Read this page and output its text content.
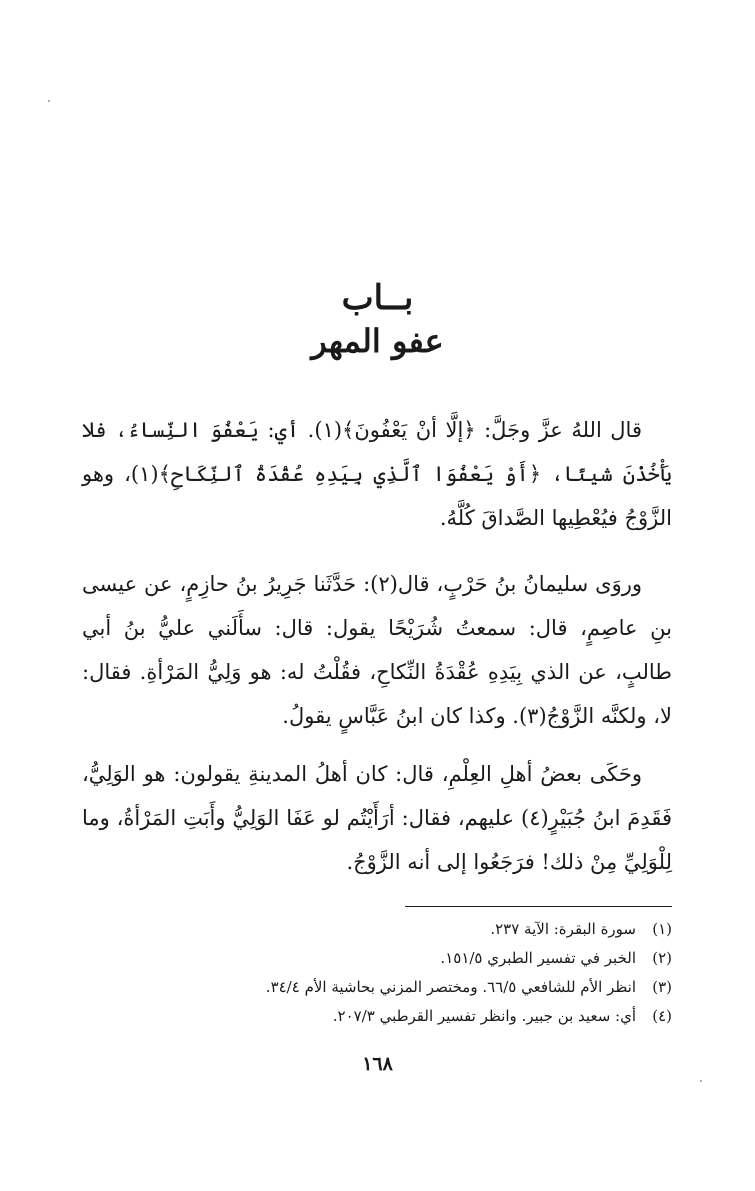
بــاب
عفو المهر

قال اللهُ عزَّ وجَلَّ: ﴿إلَّا أنْ يَعْفُونَ﴾(١). أي: يَعْفُوَ النِّساءُ، فلا يَأْخُذْنَ شيئًا، ﴿أَوْ يَعْفُوَا ٱلَّذِي بِيَدِهِ عُقْدَةُ ٱلنِّكَاحِ﴾(١)، وهو الزَّوْجُ فيُعْطِيها الصَّداقَ كُلَّهُ.

وروَى سليمانُ بنُ حَرْبٍ، قال(٢): حَدَّثَنا جَرِيرُ بنُ حازِمٍ، عن عيسى بنِ عاصِمٍ، قال: سمعتُ شُرَيْحًا يقول: قال: سأَلَني عليُّ بنُ أبي طالبٍ، عن الذي بِيَدِهِ عُقْدَةُ النِّكاحِ، فقُلْتُ له: هو وَلِيُّ المَرْأةِ. فقال: لا، ولكنَّه الزَّوْجُ(٣). وكذا كان ابنُ عَبَّاسٍ يقولُ.

وحَكَى بعضُ أهلِ العِلْمِ، قال: كان أهلُ المدينةِ يقولون: هو الوَلِيُّ، فَقَدِمَ ابنُ جُبَيْرٍ(٤) عليهم، فقال: أرَأَيْتُم لو عَفَا الوَلِيُّ وأَبَتِ المَرْأةُ، وما لِلْوَلِيِّ مِنْ ذلك! فرَجَعُوا إلى أنه الزَّوْجُ.

(١)
سورة البقرة: الآية ٢٣٧.
(٢)
الخبر في تفسير الطبري ١٥١/٥.
(٣)
انظر الأم للشافعي ٦٦/٥. ومختصر المزني بحاشية الأم ٣٤/٤.
(٤)
أي: سعيد بن جبير. وانظر تفسير القرطبي ٢٠٧/٣.
١٦٨
